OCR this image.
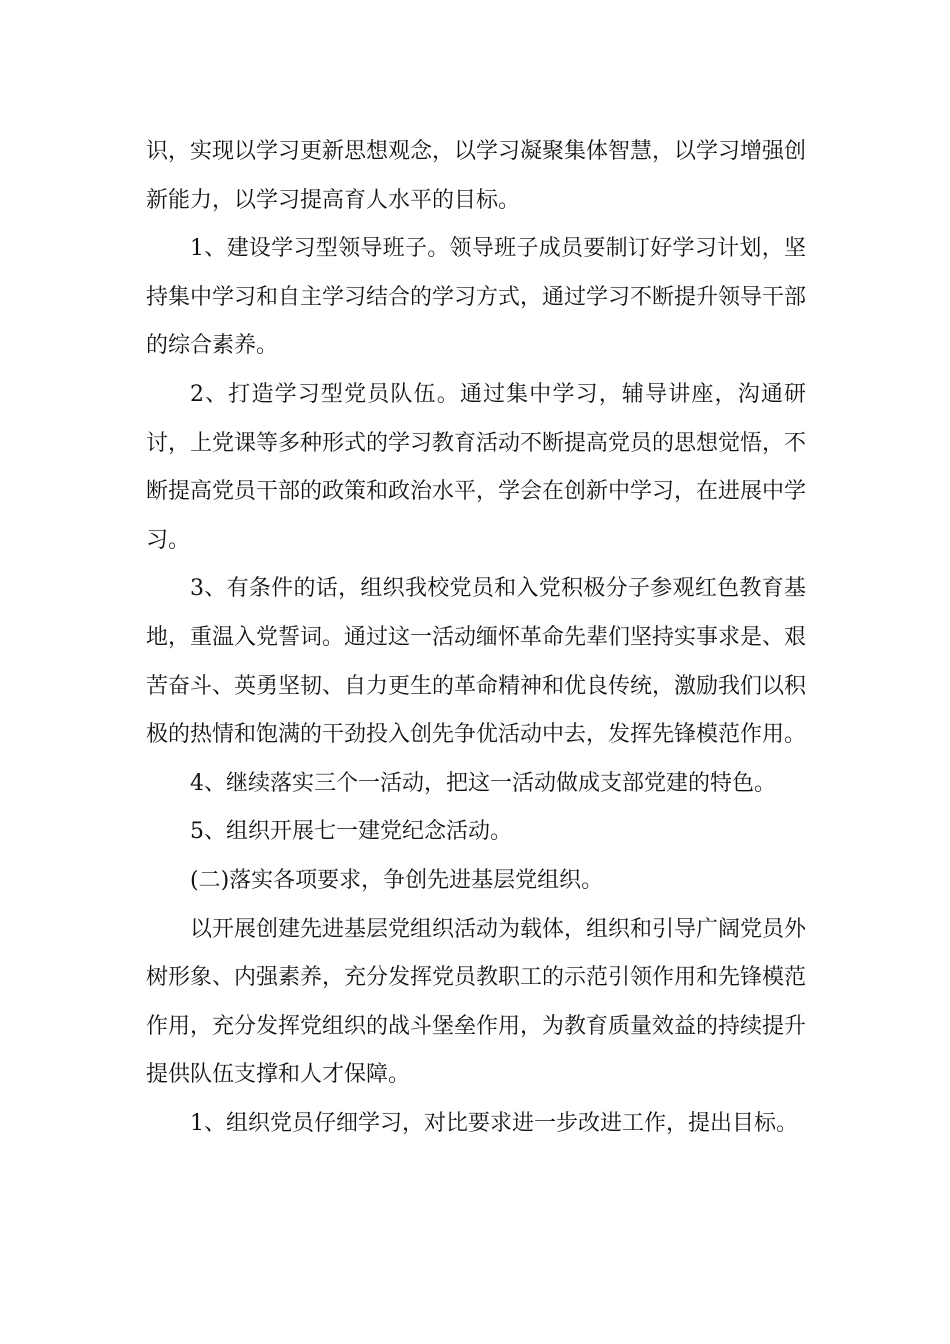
识，实现以学习更新思想观念，以学习凝聚集体智慧，以学习增强创新能力，以学习提高育人水平的目标。

1、建设学习型领导班子。领导班子成员要制订好学习计划，坚持集中学习和自主学习结合的学习方式，通过学习不断提升领导干部的综合素养。

2、打造学习型党员队伍。通过集中学习，辅导讲座，沟通研讨，上党课等多种形式的学习教育活动不断提高党员的思想觉悟，不断提高党员干部的政策和政治水平，学会在创新中学习，在进展中学习。

3、有条件的话，组织我校党员和入党积极分子参观红色教育基地，重温入党誓词。通过这一活动缅怀革命先辈们坚持实事求是、艰苦奋斗、英勇坚韧、自力更生的革命精神和优良传统，激励我们以积极的热情和饱满的干劲投入创先争优活动中去，发挥先锋模范作用。

4、继续落实三个一活动，把这一活动做成支部党建的特色。

5、组织开展七一建党纪念活动。

(二)落实各项要求，争创先进基层党组织。

以开展创建先进基层党组织活动为载体，组织和引导广阔党员外树形象、内强素养，充分发挥党员教职工的示范引领作用和先锋模范作用，充分发挥党组织的战斗堡垒作用，为教育质量效益的持续提升提供队伍支撑和人才保障。

1、组织党员仔细学习，对比要求进一步改进工作，提出目标。
